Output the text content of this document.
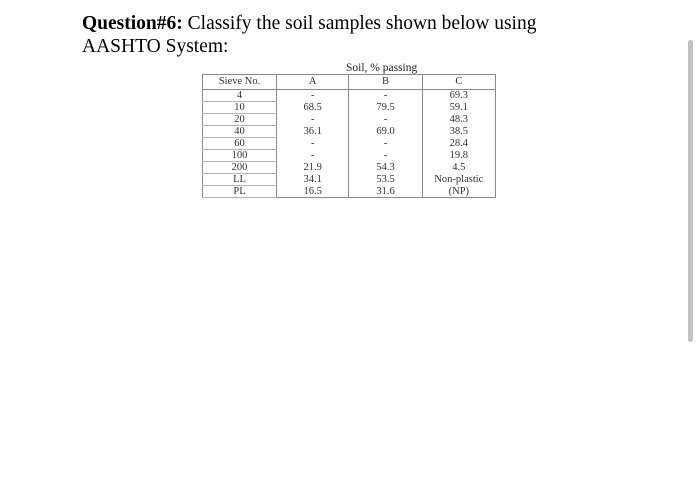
Question#6: Classify the soil samples shown below using AASHTO System:
Soil, % passing
Sieve No.	A	B	C
4	-	-	69.3
10	68.5	79.5	59.1
20	-	-	48.3
40	36.1	69.0	38.5
60	-	-	28.4
100	-	-	19.8
200	21.9	54.3	4.5
LL	34.1	53.5	Non-plastic
PL	16.5	31.6	(NP)
